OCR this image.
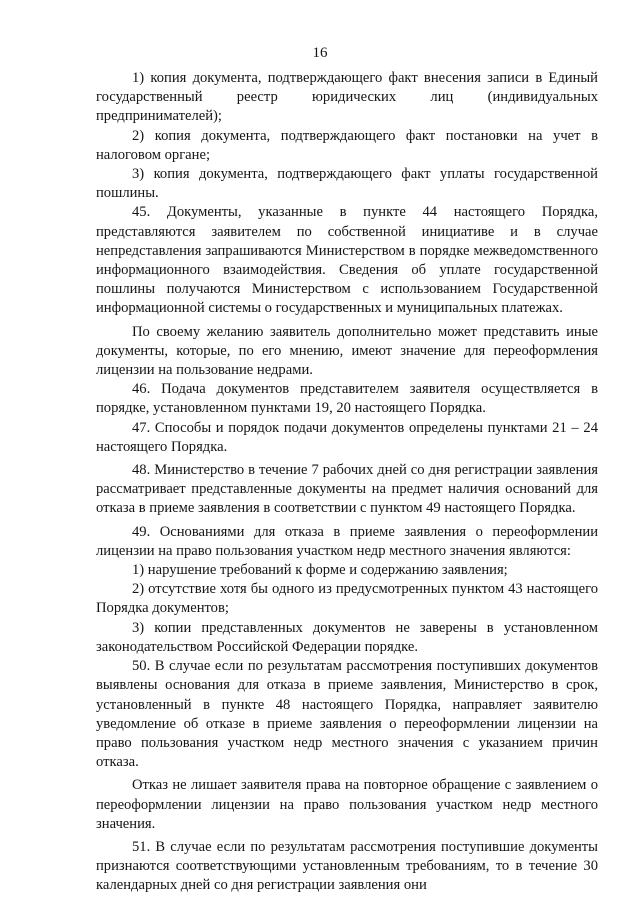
16

1) копия документа, подтверждающего факт внесения записи в Единый государственный реестр юридических лиц (индивидуальных предпринимателей);

2) копия документа, подтверждающего факт постановки на учет в налоговом органе;

3) копия документа, подтверждающего факт уплаты государственной пошлины.

45. Документы, указанные в пункте 44 настоящего Порядка, представляются заявителем по собственной инициативе и в случае непредставления запрашиваются Министерством в порядке межведомственного информационного взаимодействия. Сведения об уплате государственной пошлины получаются Министерством с использованием Государственной информационной системы о государственных и муниципальных платежах.

По своему желанию заявитель дополнительно может представить иные документы, которые, по его мнению, имеют значение для переоформления лицензии на пользование недрами.

46. Подача документов представителем заявителя осуществляется в порядке, установленном пунктами 19, 20 настоящего Порядка.

47. Способы и порядок подачи документов определены пунктами 21 – 24 настоящего Порядка.

48. Министерство в течение 7 рабочих дней со дня регистрации заявления рассматривает представленные документы на предмет наличия оснований для отказа в приеме заявления в соответствии с пунктом 49 настоящего Порядка.

49. Основаниями для отказа в приеме заявления о переоформлении лицензии на право пользования участком недр местного значения являются:

1) нарушение требований к форме и содержанию заявления;

2) отсутствие хотя бы одного из предусмотренных пунктом 43 настоящего Порядка документов;

3) копии представленных документов не заверены в установленном законодательством Российской Федерации порядке.

50. В случае если по результатам рассмотрения поступивших документов выявлены основания для отказа в приеме заявления, Министерство в срок, установленный в пункте 48 настоящего Порядка, направляет заявителю уведомление об отказе в приеме заявления о переоформлении лицензии на право пользования участком недр местного значения с указанием причин отказа.

Отказ не лишает заявителя права на повторное обращение с заявлением о переоформлении лицензии на право пользования участком недр местного значения.

51. В случае если по результатам рассмотрения поступившие документы признаются соответствующими установленным требованиям, то в течение 30 календарных дней со дня регистрации заявления они
